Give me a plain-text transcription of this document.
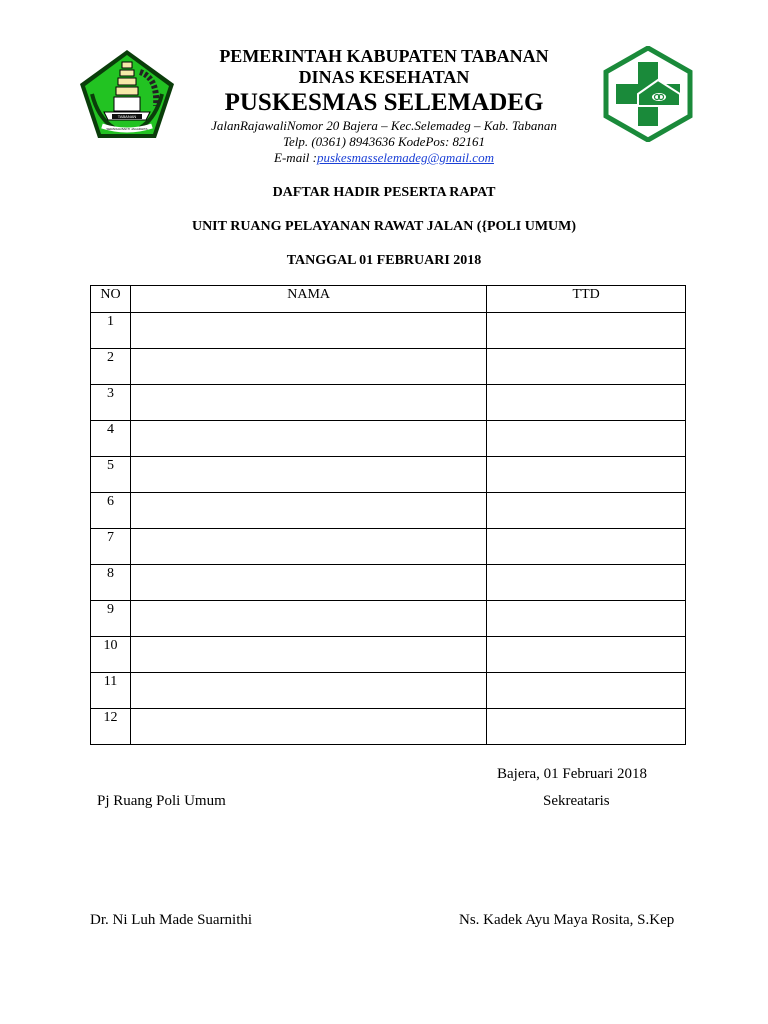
TABANAN
SERADHA BAKTI JAGADHITA
PEMERINTAH KABUPATEN TABANAN
DINAS KESEHATAN
PUSKESMAS SELEMADEG
JalanRajawaliNomor 20 Bajera – Kec.Selemadeg – Kab. Tabanan
Telp. (0361) 8943636 KodePos: 82161
E-mail :puskesmasselemadeg@gmail.com
DAFTAR HADIR PESERTA RAPAT
UNIT RUANG PELAYANAN RAWAT JALAN ({POLI UMUM)
TANGGAL 01 FEBRUARI 2018
NO	NAMA	TTD
1		
2		
3		
4		
5		
6		
7		
8		
9		
10		
11		
12		
Bajera, 01 Februari 2018
Pj Ruang Poli Umum	Sekreataris
Dr. Ni Luh Made Suarnithi	Ns. Kadek Ayu Maya Rosita, S.Kep
